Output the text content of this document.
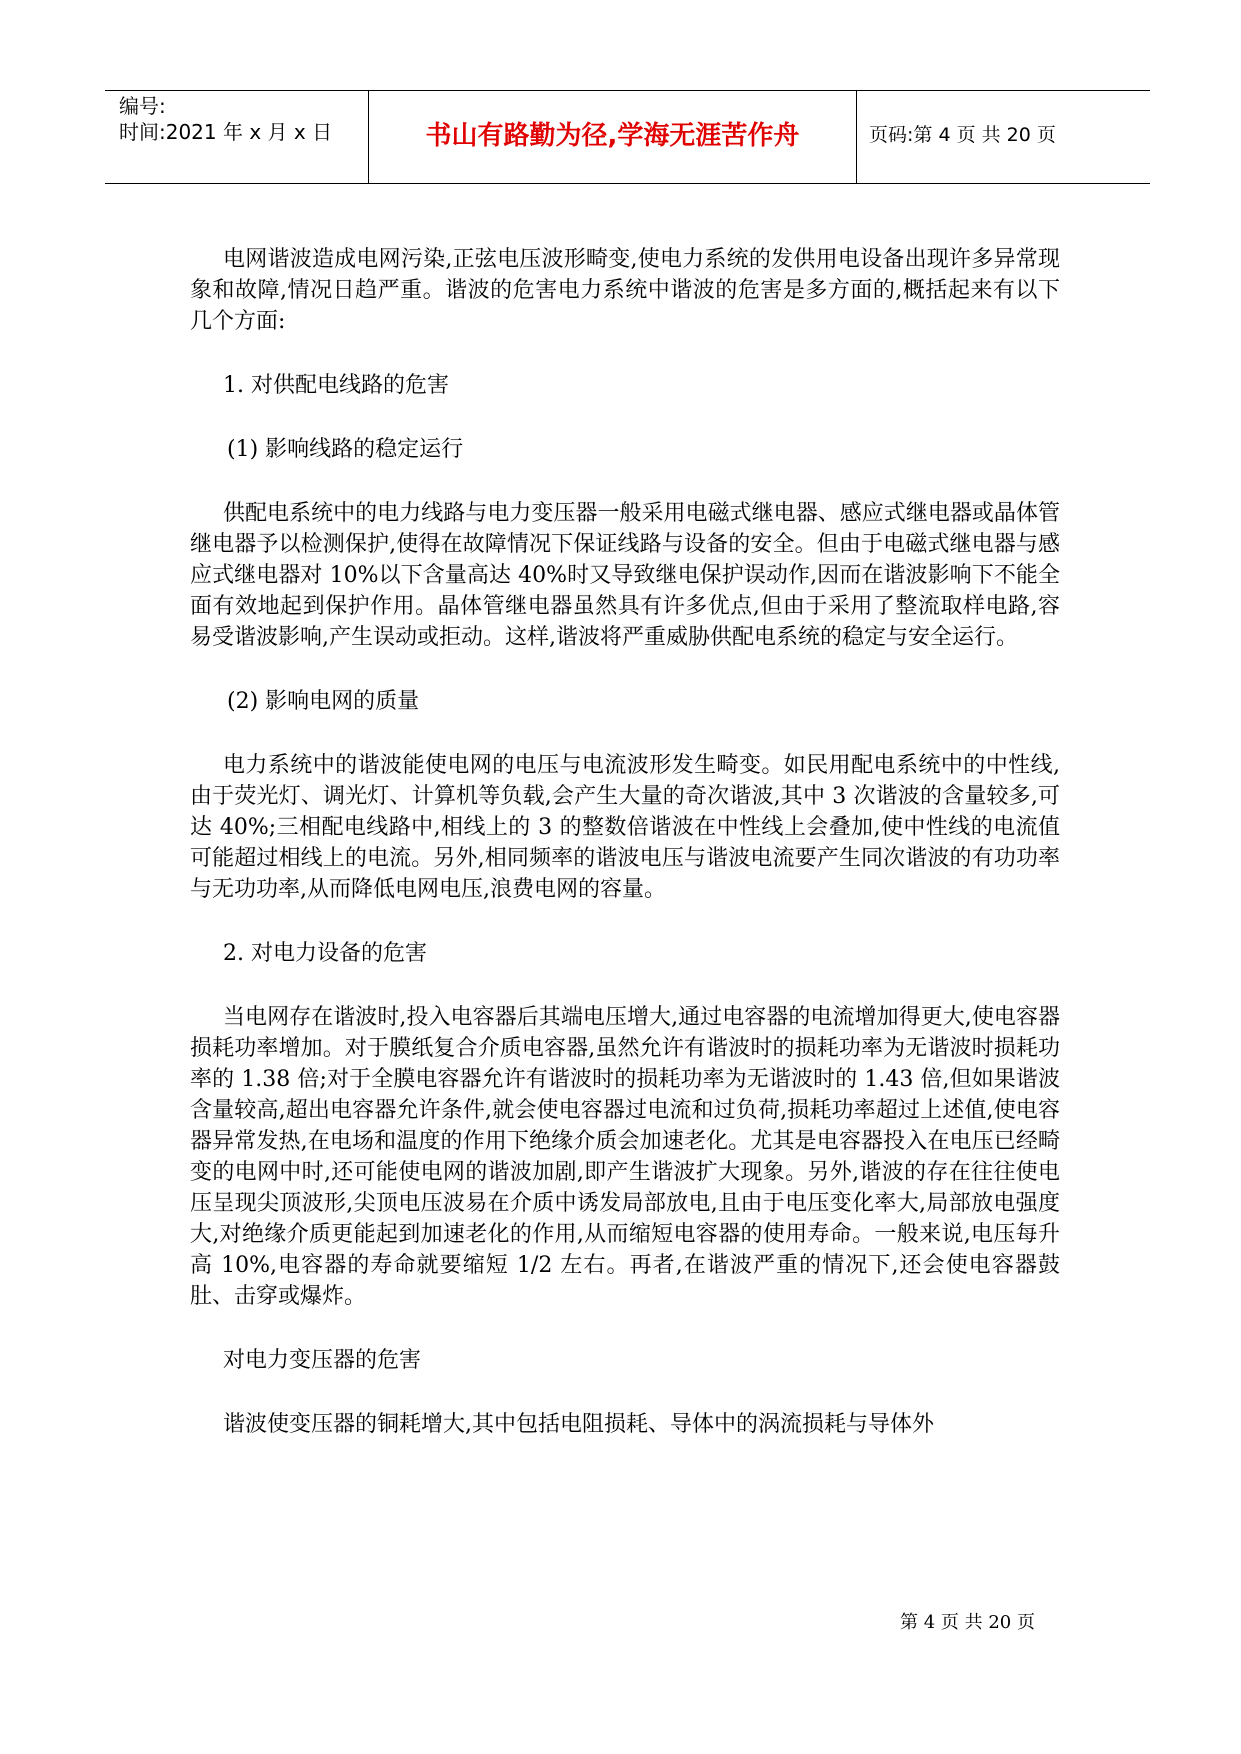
编号:
时间:2021 年 x 月 x 日	书山有路勤为径,学海无涯苦作舟	页码:第 4 页 共 20 页

电网谐波造成电网污染,正弦电压波形畸变,使电力系统的发供用电设备出现许多异常现象和故障,情况日趋严重。谐波的危害电力系统中谐波的危害是多方面的,概括起来有以下几个方面:

1. 对供配电线路的危害

(1) 影响线路的稳定运行

供配电系统中的电力线路与电力变压器一般采用电磁式继电器、感应式继电器或晶体管继电器予以检测保护,使得在故障情况下保证线路与设备的安全。但由于电磁式继电器与感应式继电器对 10%以下含量高达 40%时又导致继电保护误动作,因而在谐波影响下不能全面有效地起到保护作用。晶体管继电器虽然具有许多优点,但由于采用了整流取样电路,容易受谐波影响,产生误动或拒动。这样,谐波将严重威胁供配电系统的稳定与安全运行。

(2) 影响电网的质量

电力系统中的谐波能使电网的电压与电流波形发生畸变。如民用配电系统中的中性线,由于荧光灯、调光灯、计算机等负载,会产生大量的奇次谐波,其中 3 次谐波的含量较多,可达 40%;三相配电线路中,相线上的 3 的整数倍谐波在中性线上会叠加,使中性线的电流值可能超过相线上的电流。另外,相同频率的谐波电压与谐波电流要产生同次谐波的有功功率与无功功率,从而降低电网电压,浪费电网的容量。

2. 对电力设备的危害

当电网存在谐波时,投入电容器后其端电压增大,通过电容器的电流增加得更大,使电容器损耗功率增加。对于膜纸复合介质电容器,虽然允许有谐波时的损耗功率为无谐波时损耗功率的 1.38 倍;对于全膜电容器允许有谐波时的损耗功率为无谐波时的 1.43 倍,但如果谐波含量较高,超出电容器允许条件,就会使电容器过电流和过负荷,损耗功率超过上述值,使电容器异常发热,在电场和温度的作用下绝缘介质会加速老化。尤其是电容器投入在电压已经畸变的电网中时,还可能使电网的谐波加剧,即产生谐波扩大现象。另外,谐波的存在往往使电压呈现尖顶波形,尖顶电压波易在介质中诱发局部放电,且由于电压变化率大,局部放电强度大,对绝缘介质更能起到加速老化的作用,从而缩短电容器的使用寿命。一般来说,电压每升高 10%,电容器的寿命就要缩短 1/2 左右。再者,在谐波严重的情况下,还会使电容器鼓肚、击穿或爆炸。

对电力变压器的危害

谐波使变压器的铜耗增大,其中包括电阻损耗、导体中的涡流损耗与导体外

第 4 页 共 20 页
